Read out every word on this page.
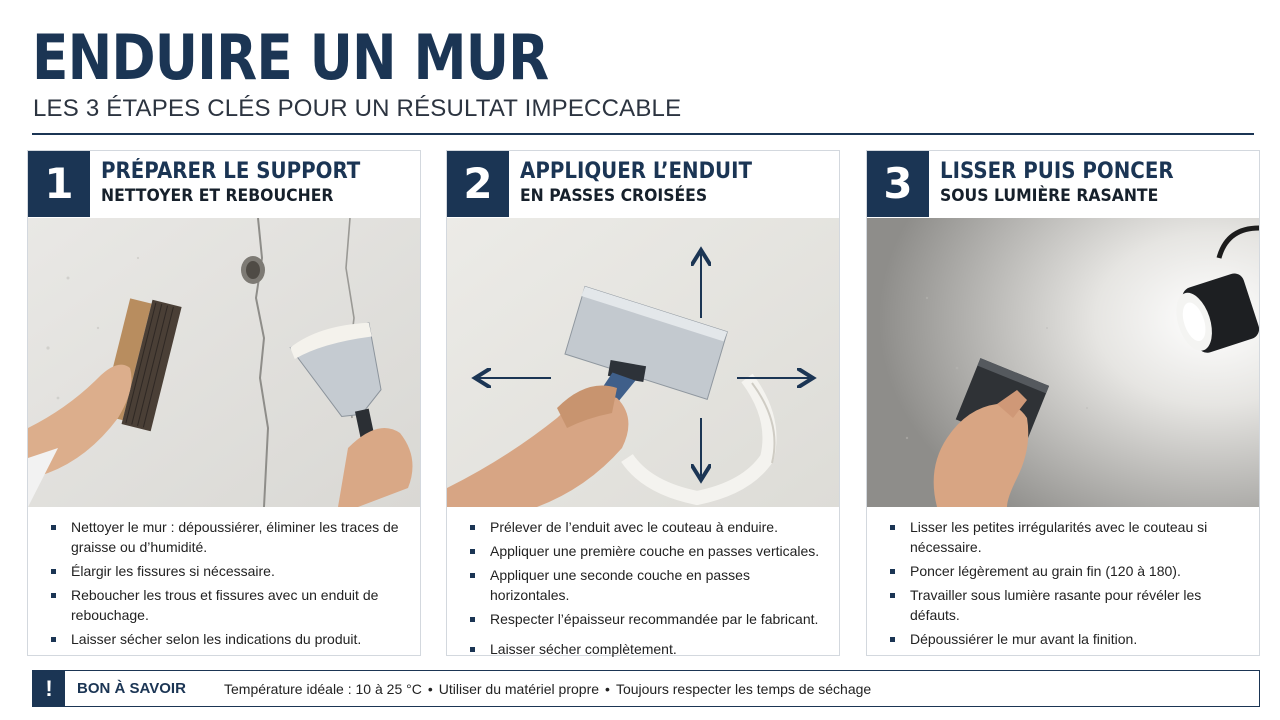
ENDUIRE UN MUR
LES 3 ÉTAPES CLÉS POUR UN RÉSULTAT IMPECCABLE
1	PRÉPARER LE SUPPORT
NETTOYER ET REBOUCHER
Nettoyer le mur : dépoussiérer, éliminer les traces de graisse ou d’humidité.
Élargir les fissures si nécessaire.
Reboucher les trous et fissures avec un enduit de rebouchage.
Laisser sécher selon les indications du produit.
2	APPLIQUER L’ENDUIT
EN PASSES CROISÉES
Prélever de l’enduit avec le couteau à enduire.
Appliquer une première couche en passes verticales.
Appliquer une seconde couche en passes horizontales.
Respecter l’épaisseur recommandée par le fabricant.
Laisser sécher complètement.
3	LISSER PUIS PONCER
SOUS LUMIÈRE RASANTE
Lisser les petites irrégularités avec le couteau si nécessaire.
Poncer légèrement au grain fin (120 à 180).
Travailler sous lumière rasante pour révéler les défauts.
Dépoussiérer le mur avant la finition.
!	BON À SAVOIR	Température idéale : 10 à 25 °C • Utiliser du matériel propre • Toujours respecter les temps de séchage
